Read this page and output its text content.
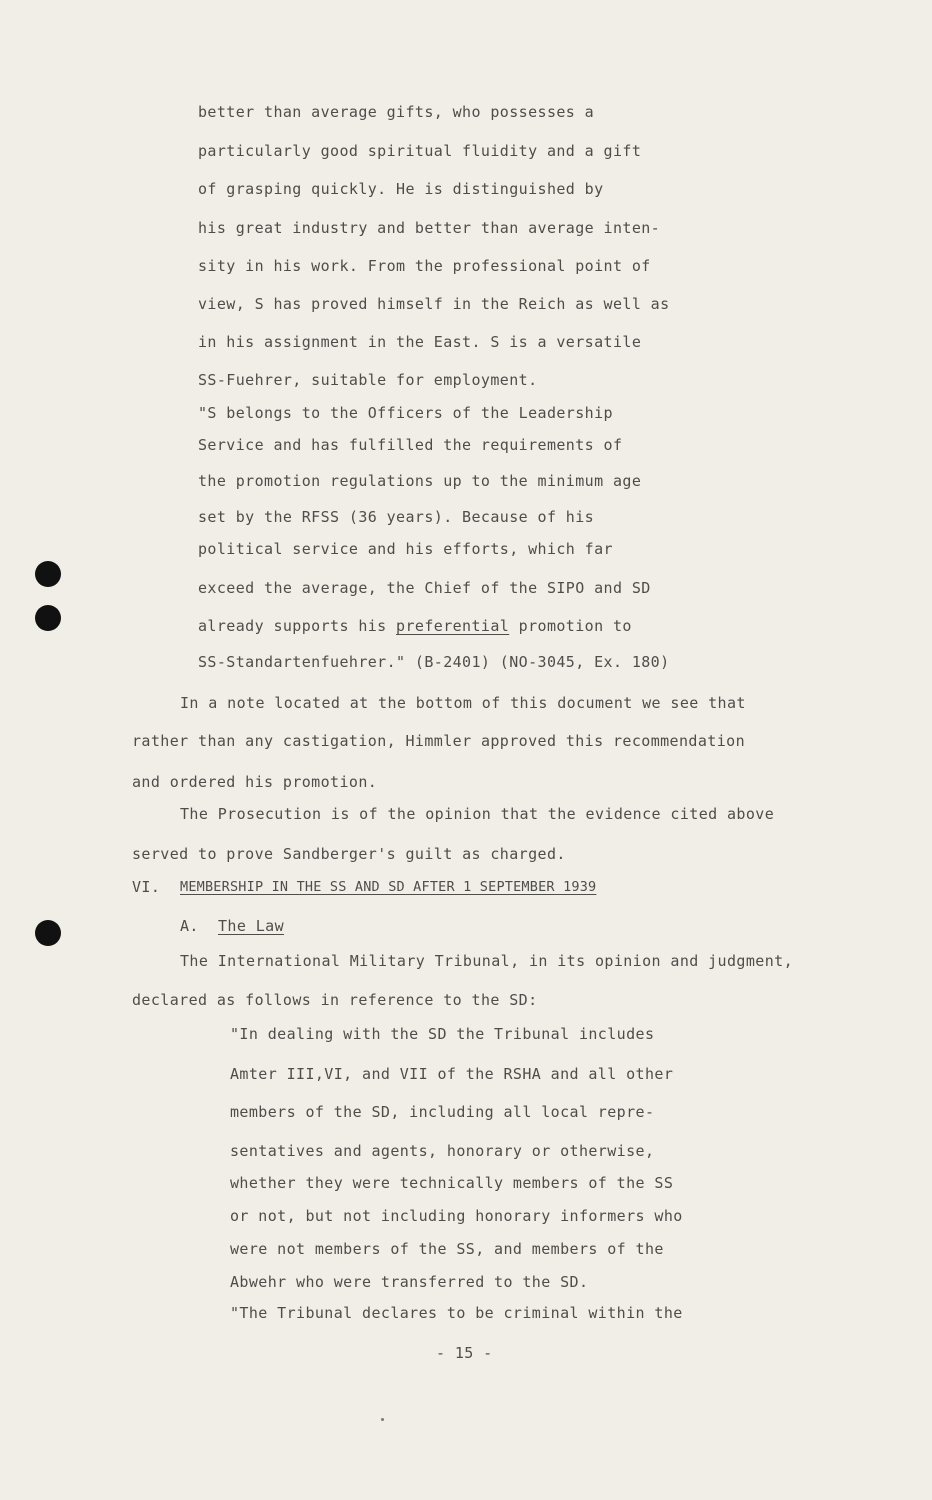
better than average gifts, who possesses a
particularly good spiritual fluidity and a gift
of grasping quickly. He is distinguished by
his great industry and better than average inten-
sity in his work. From the professional point of
view, S has proved himself in the Reich as well as
in his assignment in the East. S is a versatile
SS-Fuehrer, suitable for employment.
"S belongs to the Officers of the Leadership
Service and has fulfilled the requirements of
the promotion regulations up to the minimum age
set by the RFSS (36 years). Because of his
political service and his efforts, which far
exceed the average, the Chief of the SIPO and SD
already supports his preferential promotion to
SS-Standartenfuehrer." (B-2401) (NO-3045, Ex. 180)
In a note located at the bottom of this document we see that
rather than any castigation, Himmler approved this recommendation
and ordered his promotion.
The Prosecution is of the opinion that the evidence cited above
served to prove Sandberger's guilt as charged.
VI. MEMBERSHIP IN THE SS AND SD AFTER 1 SEPTEMBER 1939
A. The Law
The International Military Tribunal, in its opinion and judgment,
declared as follows in reference to the SD:
"In dealing with the SD the Tribunal includes
Amter III,VI, and VII of the RSHA and all other
members of the SD, including all local repre-
sentatives and agents, honorary or otherwise,
whether they were technically members of the SS
or not, but not including honorary informers who
were not members of the SS, and members of the
Abwehr who were transferred to the SD.
"The Tribunal declares to be criminal within the
- 15 -
